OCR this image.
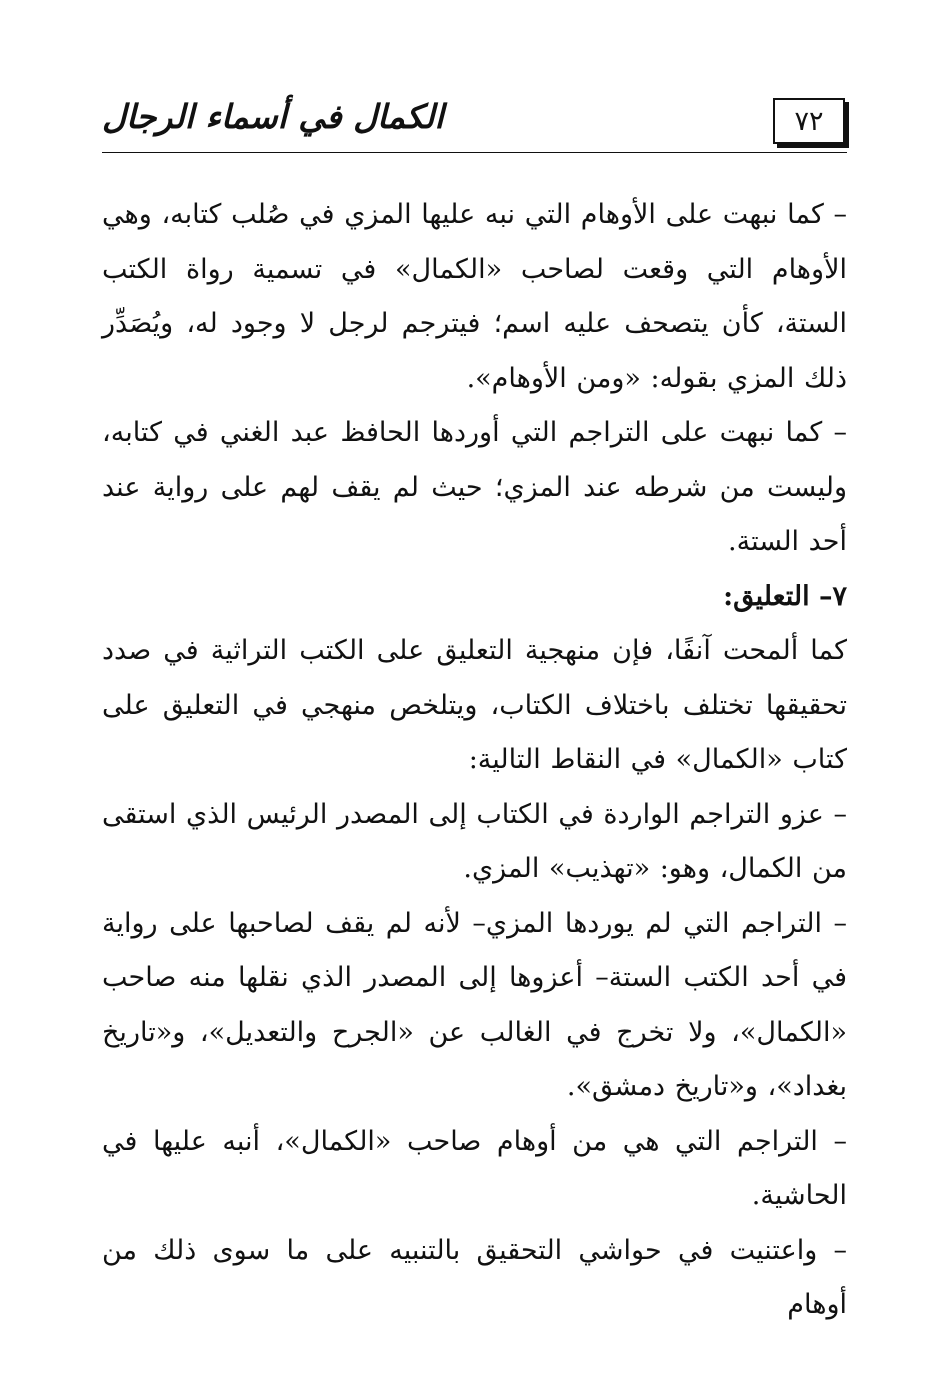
٧٢
الكمال في أسماء الرجال

– كما نبهت على الأوهام التي نبه عليها المزي في صُلب كتابه، وهي الأوهام التي وقعت لصاحب «الكمال» في تسمية رواة الكتب الستة، كأن يتصحف عليه اسم؛ فيترجم لرجل لا وجود له، ويُصَدِّر ذلك المزي بقوله: «ومن الأوهام».

– كما نبهت على التراجم التي أوردها الحافظ عبد الغني في كتابه، وليست من شرطه عند المزي؛ حيث لم يقف لهم على رواية عند أحد الستة.

٧– التعليق:

كما ألمحت آنفًا، فإن منهجية التعليق على الكتب التراثية في صدد تحقيقها تختلف باختلاف الكتاب، ويتلخص منهجي في التعليق على كتاب «الكمال» في النقاط التالية:

– عزو التراجم الواردة في الكتاب إلى المصدر الرئيس الذي استقى من الكمال، وهو: «تهذيب» المزي.

– التراجم التي لم يوردها المزي– لأنه لم يقف لصاحبها على رواية في أحد الكتب الستة– أعزوها إلى المصدر الذي نقلها منه صاحب «الكمال»، ولا تخرج في الغالب عن «الجرح والتعديل»، و«تاريخ بغداد»، و«تاريخ دمشق».

– التراجم التي هي من أوهام صاحب «الكمال»، أنبه عليها في الحاشية.

– واعتنيت في حواشي التحقيق بالتنبيه على ما سوى ذلك من أوهام
